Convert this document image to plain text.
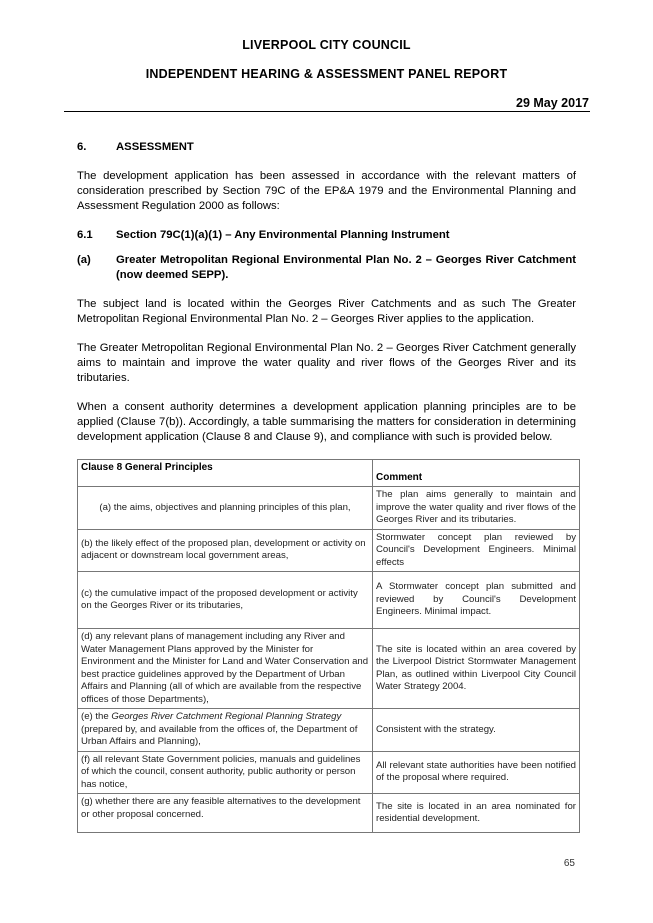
LIVERPOOL CITY COUNCIL
INDEPENDENT HEARING & ASSESSMENT PANEL REPORT
29 May 2017
6.	ASSESSMENT

The development application has been assessed in accordance with the relevant matters of consideration prescribed by Section 79C of the EP&A 1979 and the Environmental Planning and Assessment Regulation 2000 as follows:

6.1	Section 79C(1)(a)(1) – Any Environmental Planning Instrument
(a)	Greater Metropolitan Regional Environmental Plan No. 2 – Georges River Catchment (now deemed SEPP).

The subject land is located within the Georges River Catchments and as such The Greater Metropolitan Regional Environmental Plan No. 2 – Georges River applies to the application.

The Greater Metropolitan Regional Environmental Plan No. 2 – Georges River Catchment generally aims to maintain and improve the water quality and river flows of the Georges River and its tributaries.

When a consent authority determines a development application planning principles are to be applied (Clause 7(b)). Accordingly, a table summarising the matters for consideration in determining development application (Clause 8 and Clause 9), and compliance with such is provided below.

Clause 8 General Principles	Comment
(a) the aims, objectives and planning principles of this plan,	The plan aims generally to maintain and improve the water quality and river flows of the Georges River and its tributaries.
(b) the likely effect of the proposed plan, development or activity on adjacent or downstream local government areas,	Stormwater concept plan reviewed by Council's Development Engineers. Minimal effects
(c) the cumulative impact of the proposed development or activity on the Georges River or its tributaries,	A Stormwater concept plan submitted and reviewed by Council's Development Engineers. Minimal impact.
(d) any relevant plans of management including any River and Water Management Plans approved by the Minister for Environment and the Minister for Land and Water Conservation and best practice guidelines approved by the Department of Urban Affairs and Planning (all of which are available from the respective offices of those Departments),	The site is located within an area covered by the Liverpool District Stormwater Management Plan, as outlined within Liverpool City Council Water Strategy 2004.
(e) the Georges River Catchment Regional Planning Strategy (prepared by, and available from the offices of, the Department of Urban Affairs and Planning),	Consistent with the strategy.
(f) all relevant State Government policies, manuals and guidelines of which the council, consent authority, public authority or person has notice,	All relevant state authorities have been notified of the proposal where required.
(g) whether there are any feasible alternatives to the development or other proposal concerned.	The site is located in an area nominated for residential development.
65
